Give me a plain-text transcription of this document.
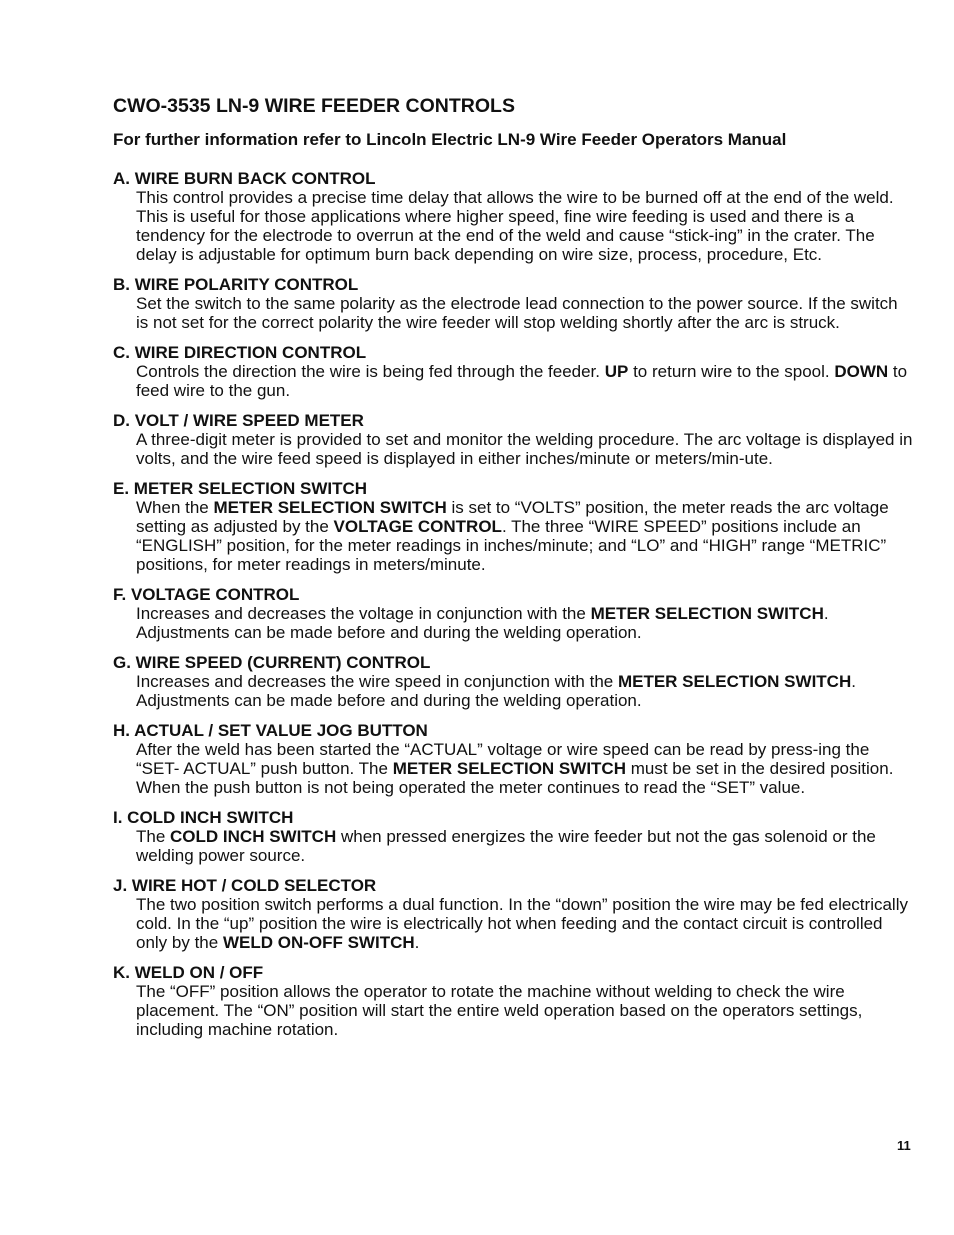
CWO-3535 LN-9 WIRE FEEDER CONTROLS

For further information refer to Lincoln Electric LN-9 Wire Feeder Operators Manual

A. WIRE BURN BACK CONTROL
This control provides a precise time delay that allows the wire to be burned off at the end of the weld. This is useful for those applications where higher speed, fine wire feeding is used and there is a tendency for the electrode to overrun at the end of the weld and cause “stick-ing” in the crater. The delay is adjustable for optimum burn back depending on wire size, process, procedure, Etc.
B. WIRE POLARITY CONTROL
Set the switch to the same polarity as the electrode lead connection to the power source. If the switch is not set for the correct polarity the wire feeder will stop welding shortly after the arc is struck.
C. WIRE DIRECTION CONTROL
Controls the direction the wire is being fed through the feeder. UP to return wire to the spool. DOWN to feed wire to the gun.
D. VOLT / WIRE SPEED METER
A three-digit meter is provided to set and monitor the welding procedure. The arc voltage is displayed in volts, and the wire feed speed is displayed in either inches/minute or meters/min-ute.
E. METER SELECTION SWITCH
When the METER SELECTION SWITCH is set to “VOLTS” position, the meter reads the arc voltage setting as adjusted by the VOLTAGE CONTROL. The three “WIRE SPEED” positions include an “ENGLISH” position, for the meter readings in inches/minute; and “LO” and “HIGH” range “METRIC” positions, for meter readings in meters/minute.
F. VOLTAGE CONTROL
Increases and decreases the voltage in conjunction with the METER SELECTION SWITCH. Adjustments can be made before and during the welding operation.
G. WIRE SPEED (CURRENT) CONTROL
Increases and decreases the wire speed in conjunction with the METER SELECTION SWITCH. Adjustments can be made before and during the welding operation.
H. ACTUAL / SET VALUE JOG BUTTON
After the weld has been started the “ACTUAL” voltage or wire speed can be read by press-ing the “SET- ACTUAL” push button. The METER SELECTION SWITCH must be set in the desired position. When the push button is not being operated the meter continues to read the “SET” value.
I. COLD INCH SWITCH
The COLD INCH SWITCH when pressed energizes the wire feeder but not the gas solenoid or the welding power source.
J. WIRE HOT / COLD SELECTOR
The two position switch performs a dual function. In the “down” position the wire may be fed electrically cold. In the “up” position the wire is electrically hot when feeding and the contact circuit is controlled only by the WELD ON-OFF SWITCH.
K. WELD ON / OFF
The “OFF” position allows the operator to rotate the machine without welding to check the wire placement. The “ON” position will start the entire weld operation based on the operators settings, including machine rotation.
11
